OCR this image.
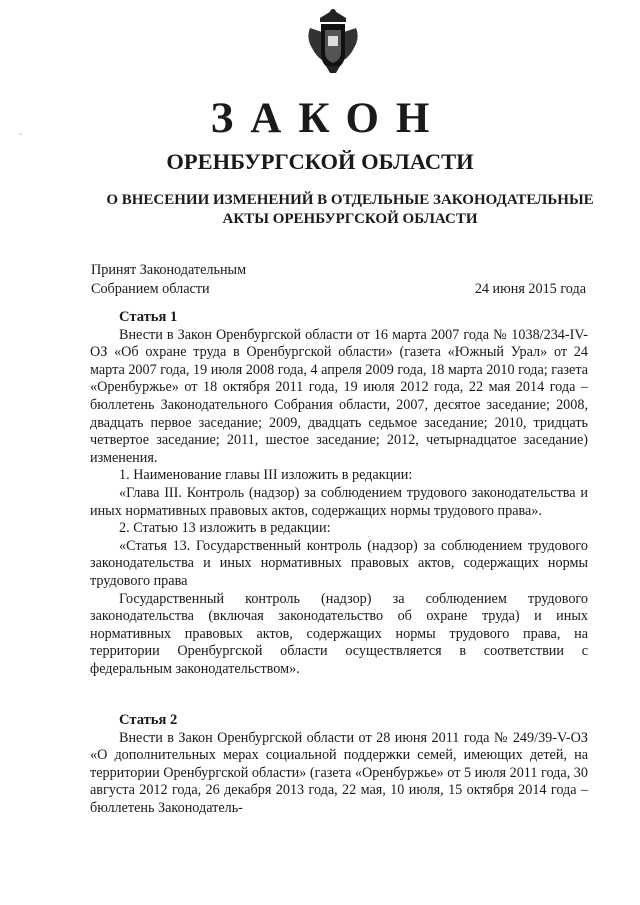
`	ЗАКОН
ОРЕНБУРГСКОЙ ОБЛАСТИ
О ВНЕСЕНИИ ИЗМЕНЕНИЙ В ОТДЕЛЬНЫЕ ЗАКОНОДАТЕЛЬНЫЕ АКТЫ ОРЕНБУРГСКОЙ ОБЛАСТИ
Принят Законодательным
Собранием области	24 июня 2015 года

Статья 1

Внести в Закон Оренбургской области от 16 марта 2007 года № 1038/234-IV-ОЗ «Об охране труда в Оренбургской области» (газета «Южный Урал» от 24 марта 2007 года, 19 июля 2008 года, 4 апреля 2009 года, 18 марта 2010 года; газета «Оренбуржье» от 18 октября 2011 года, 19 июля 2012 года, 22 мая 2014 года – бюллетень Законодательного Собрания области, 2007, десятое заседание; 2008, двадцать первое заседание; 2009, двадцать седьмое заседание; 2010, тридцать четвертое заседание; 2011, шестое заседание; 2012, четырнадцатое заседание) изменения.

1. Наименование главы III изложить в редакции:

«Глава III. Контроль (надзор) за соблюдением трудового законодательства и иных нормативных правовых актов, содержащих нормы трудового права».

2. Статью 13 изложить в редакции:

«Статья 13. Государственный контроль (надзор) за соблюдением трудового законодательства и иных нормативных правовых актов, содержащих нормы трудового права

Государственный контроль (надзор) за соблюдением трудового законодательства (включая законодательство об охране труда) и иных нормативных правовых актов, содержащих нормы трудового права, на территории Оренбургской области осуществляется в соответствии с федеральным законодательством».

Статья 2

Внести в Закон Оренбургской области от 28 июня 2011 года № 249/39-V-ОЗ «О дополнительных мерах социальной поддержки семей, имеющих детей, на территории Оренбургской области» (газета «Оренбуржье» от 5 июля 2011 года, 30 августа 2012 года, 26 декабря 2013 года, 22 мая, 10 июля, 15 октября 2014 года – бюллетень Законодатель-
